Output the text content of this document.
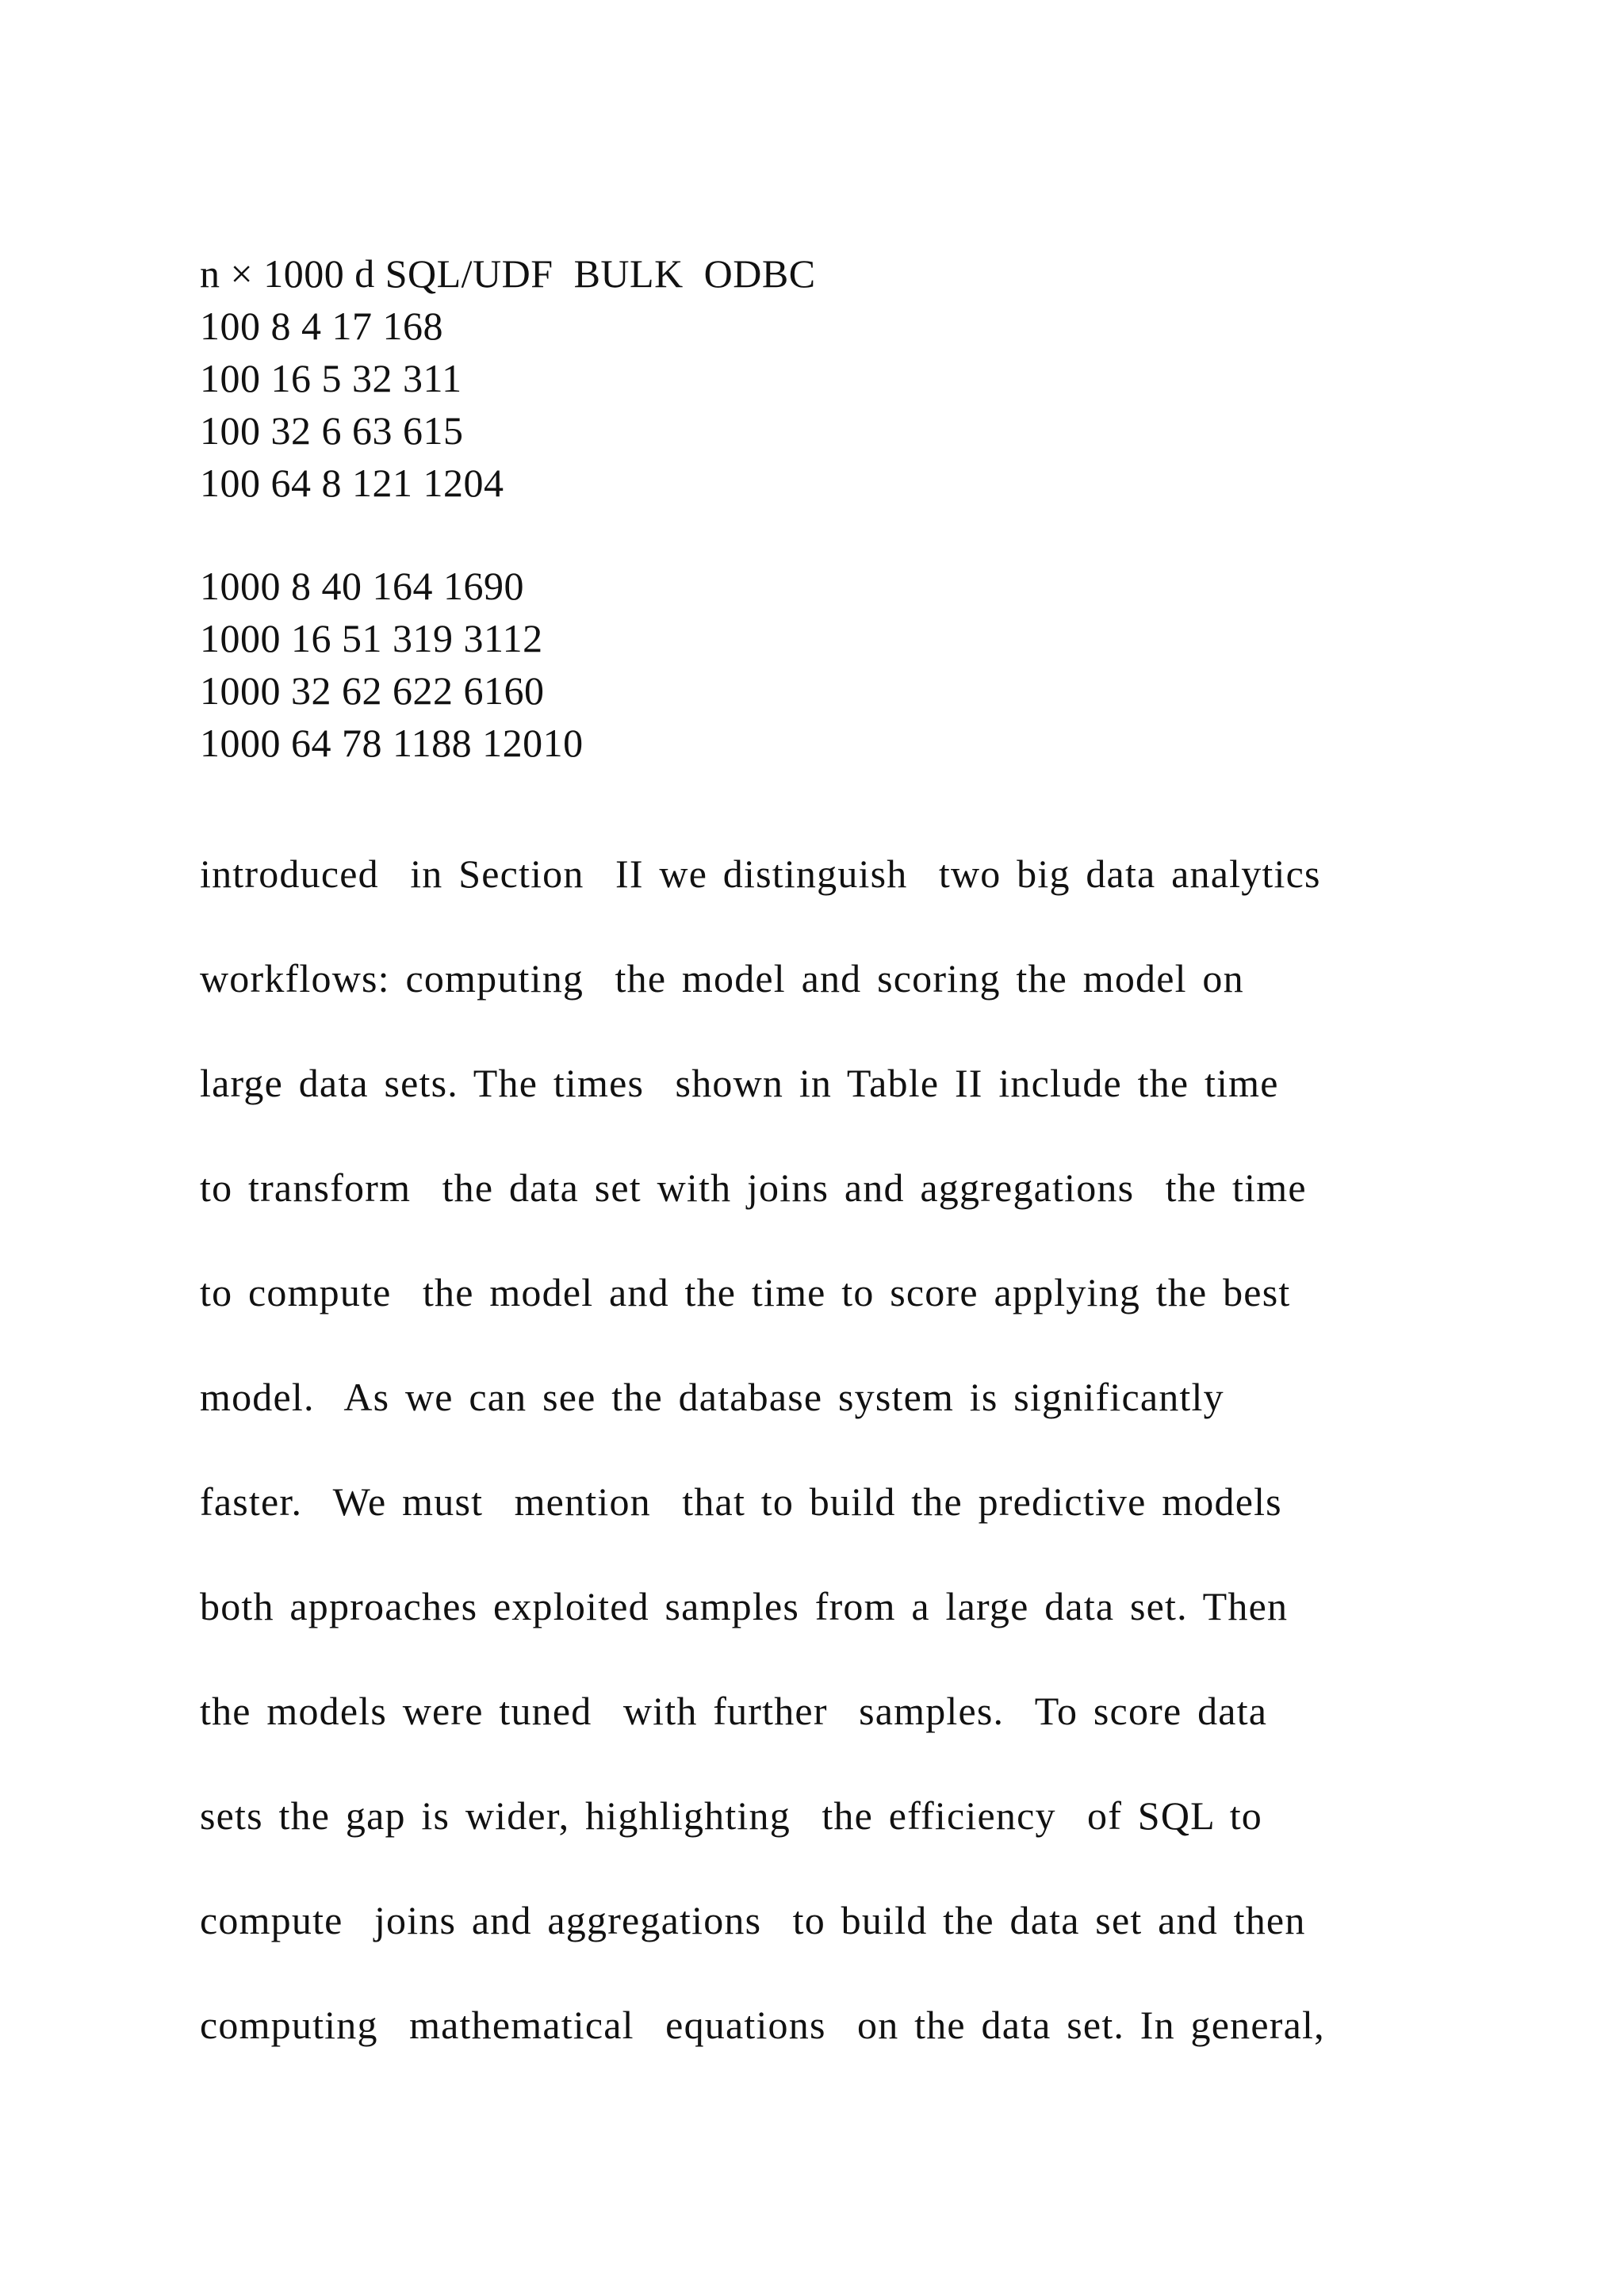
n × 1000 d SQL/UDF  BULK  ODBC
100 8 4 17 168
100 16 5 32 311
100 32 6 63 615
100 64 8 121 1204
1000 8 40 164 1690
1000 16 51 319 3112
1000 32 62 622 6160
1000 64 78 1188 12010
introduced  in Section  II we distinguish  two big data analytics
workflows: computing  the model and scoring the model on
large data sets. The times  shown in Table II include the time
to transform  the data set with joins and aggregations  the time
to compute  the model and the time to score applying the best
model.  As we can see the database system is significantly
faster.  We must  mention  that to build the predictive models
both approaches exploited samples from a large data set. Then
the models were tuned  with further  samples.  To score data
sets the gap is wider, highlighting  the efficiency  of SQL to
compute  joins and aggregations  to build the data set and then
computing  mathematical  equations  on the data set. In general,
